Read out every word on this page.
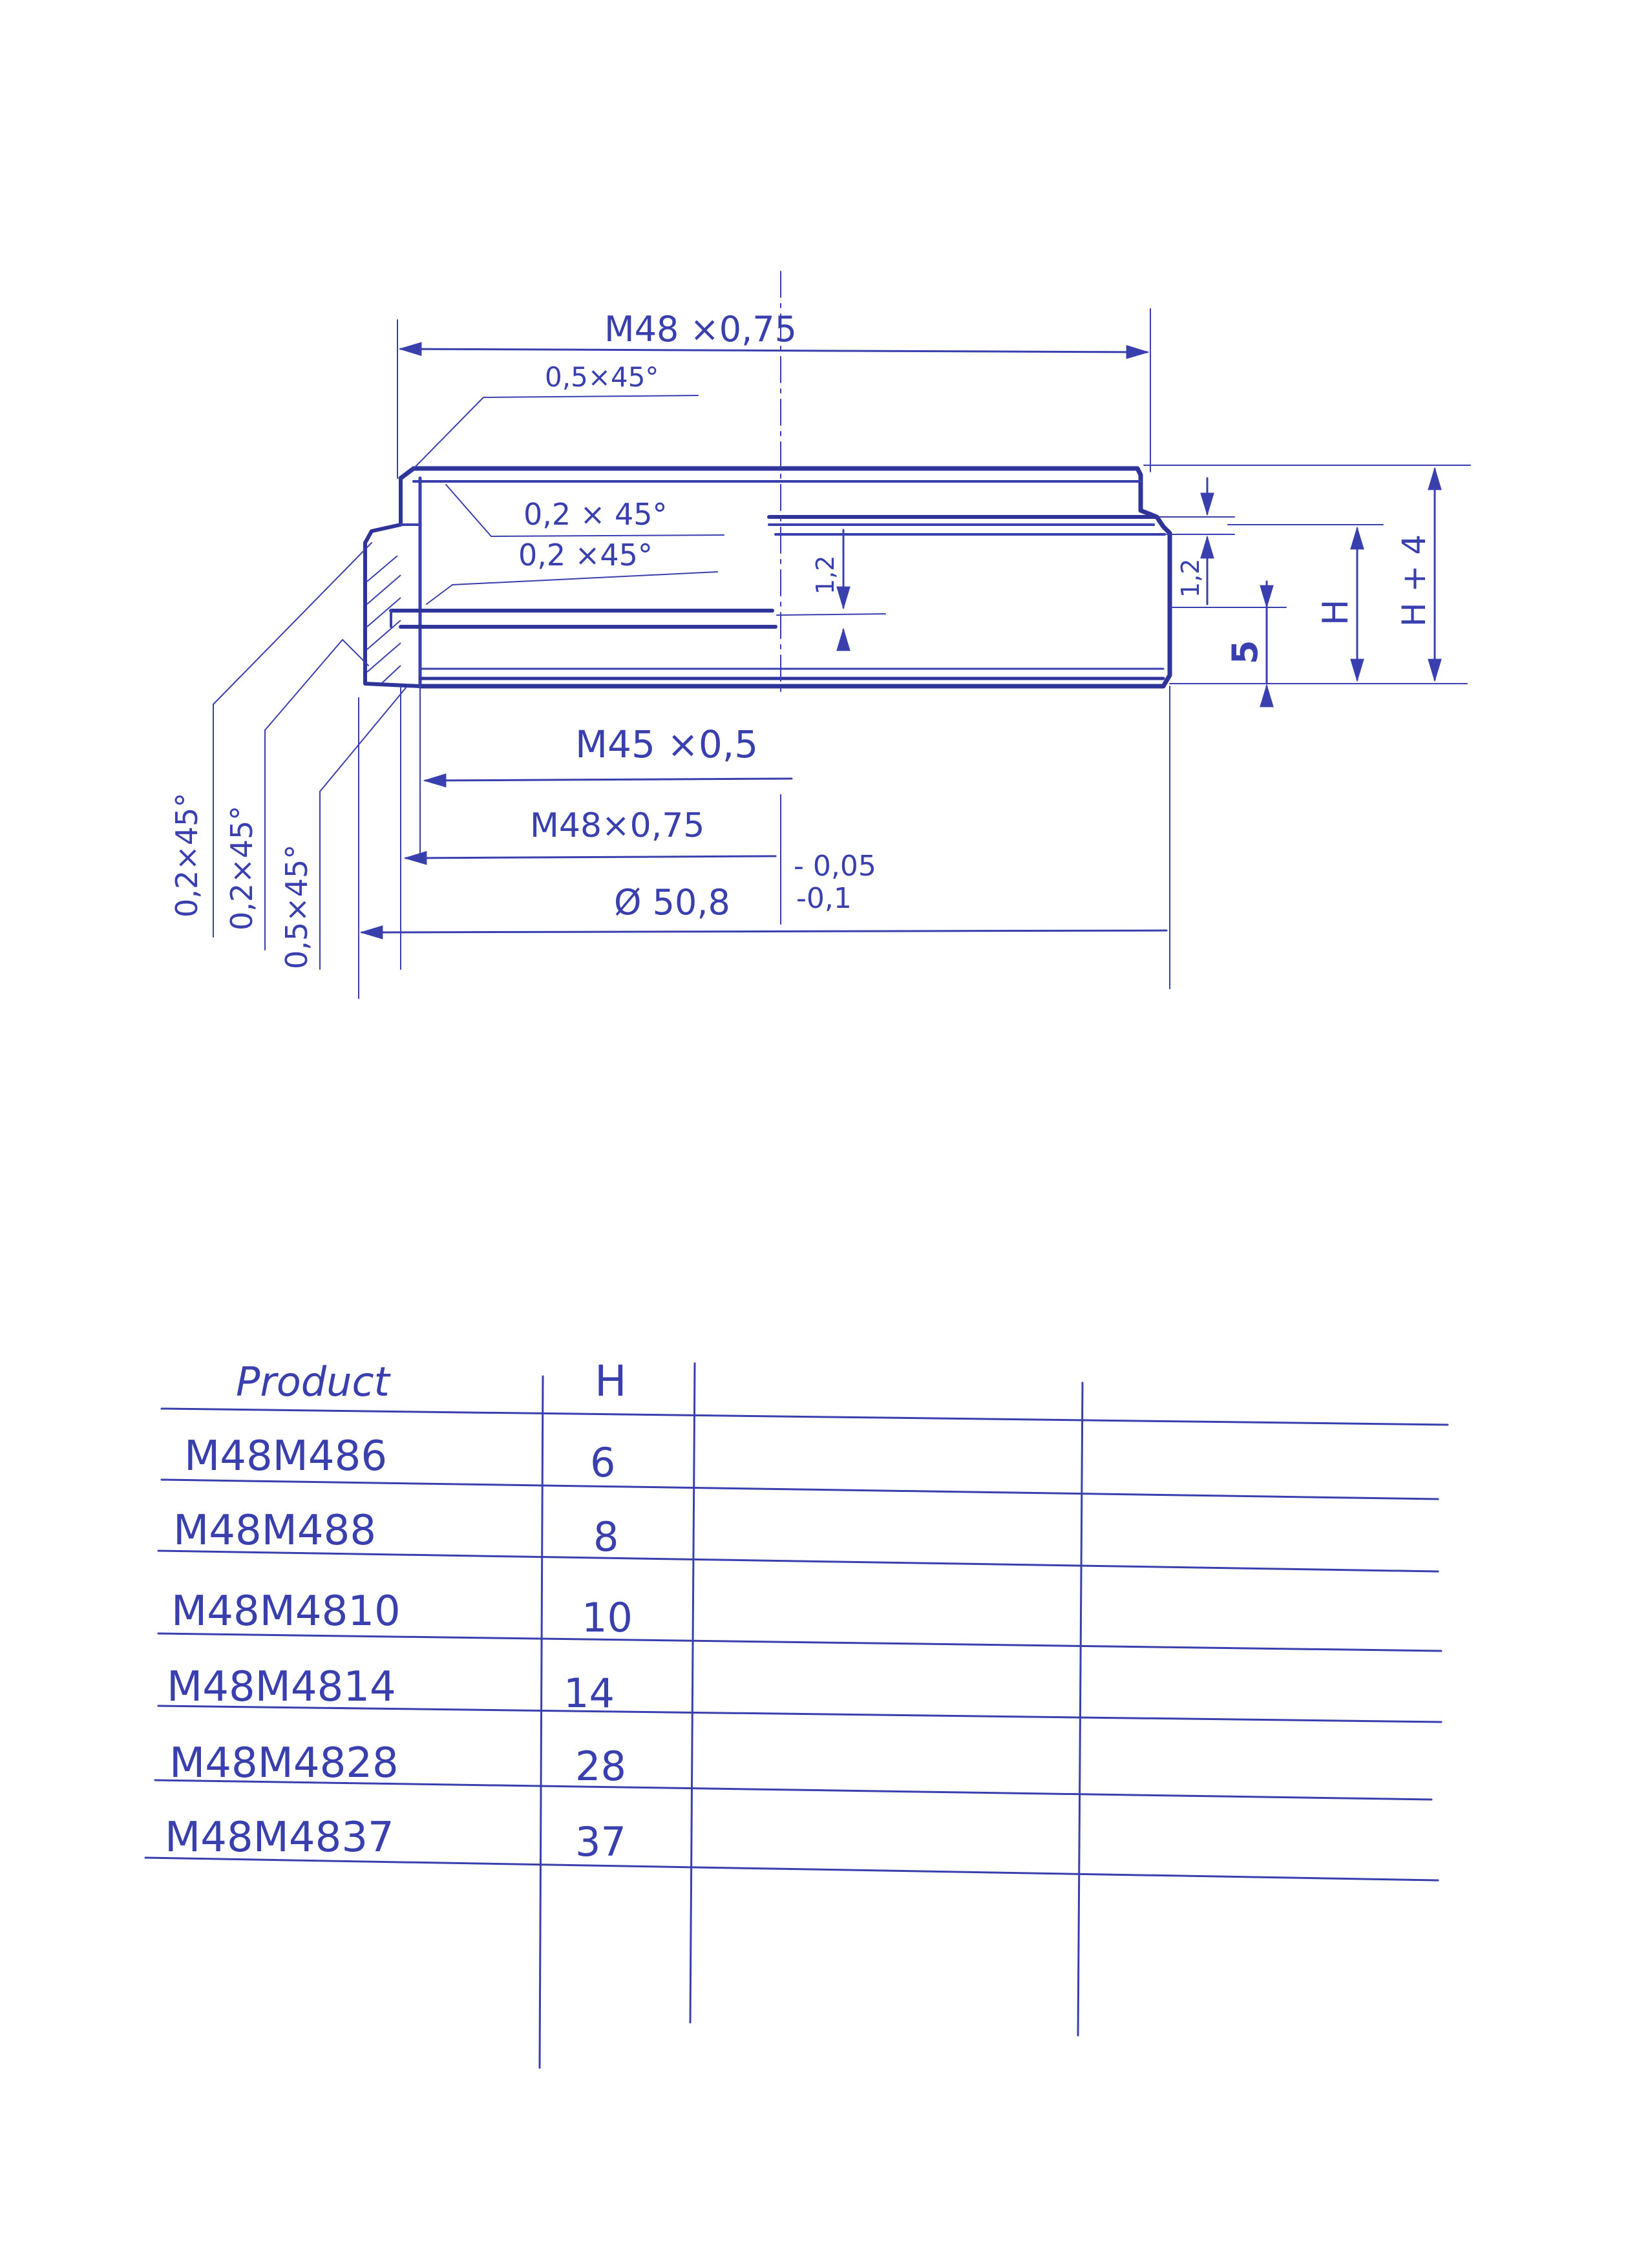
M48 ×0,75
0,5×45°
0,2 × 45°
0,2 ×45°
1,2	1,2
5
H H + 4
M45 ×0,5
M48×0,75
Ø 50,8
- 0,05
-0,1
0,2×45° 0,2×45° 0,5×45°
Product	H
M48M486	6
M48M488	8
M48M4810	10
M48M4814	14
M48M4828	28
M48M4837	37
